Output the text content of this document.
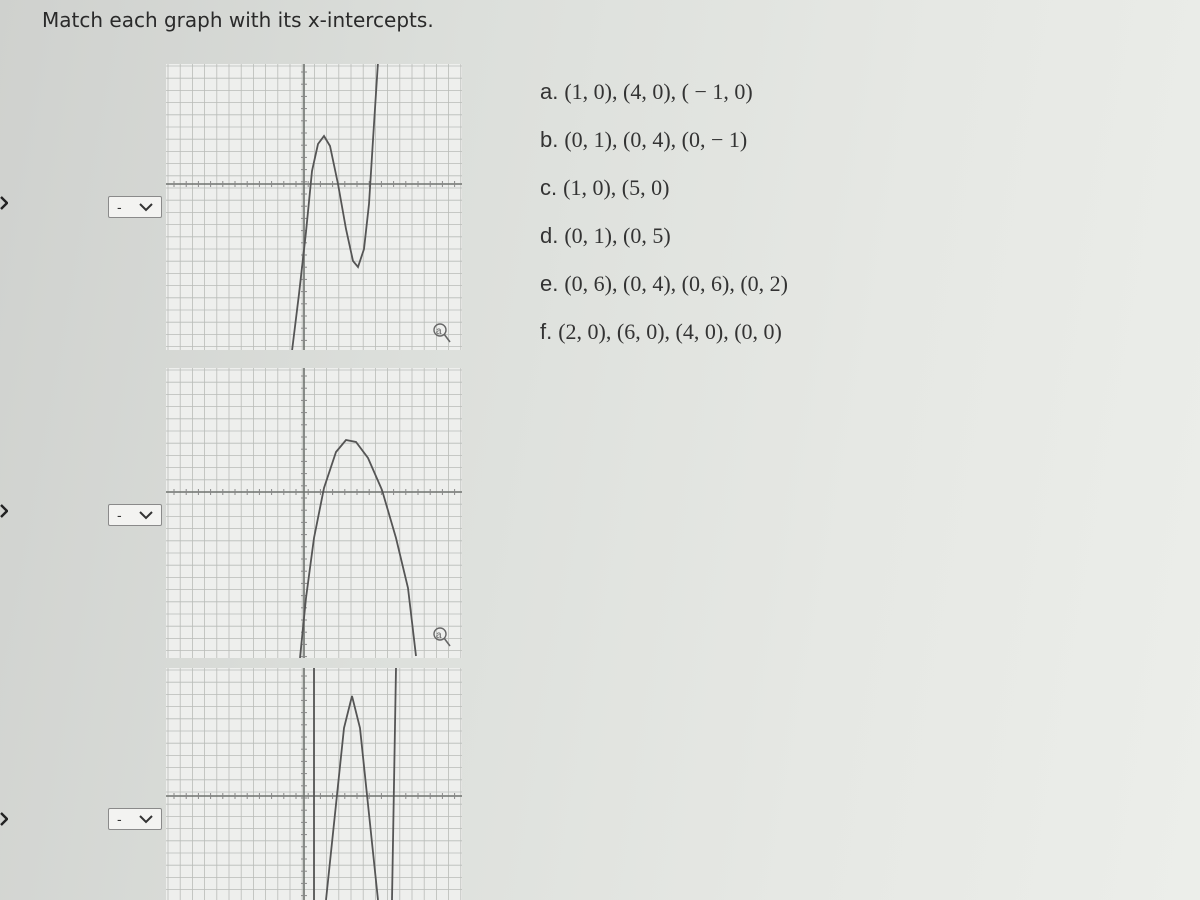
Match each graph with its x-intercepts.
-
a
-
a
-
a. (1, 0), (4, 0), ( − 1, 0)
b. (0, 1), (0, 4), (0, − 1)
c. (1, 0), (5, 0)
d. (0, 1), (0, 5)
e. (0, 6), (0, 4), (0, 6), (0, 2)
f. (2, 0), (6, 0), (4, 0), (0, 0)
